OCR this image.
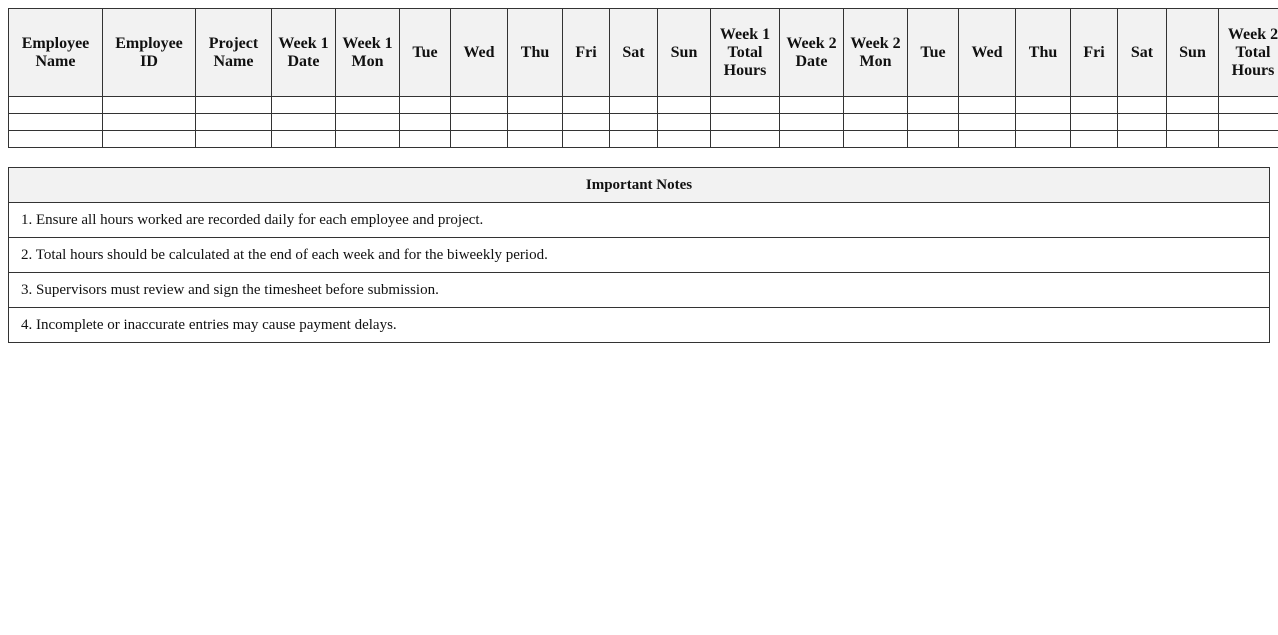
Employee Name	Employee ID	Project Name	Week 1 Date	Week 1 Mon	Tue	Wed	Thu	Fri	Sat	Sun	Week 1 Total Hours	Week 2 Date	Week 2 Mon	Tue	Wed	Thu	Fri	Sat	Sun	Week 2 Total Hours	

Important Notes
1. Ensure all hours worked are recorded daily for each employee and project.
2. Total hours should be calculated at the end of each week and for the biweekly period.
3. Supervisors must review and sign the timesheet before submission.
4. Incomplete or inaccurate entries may cause payment delays.
